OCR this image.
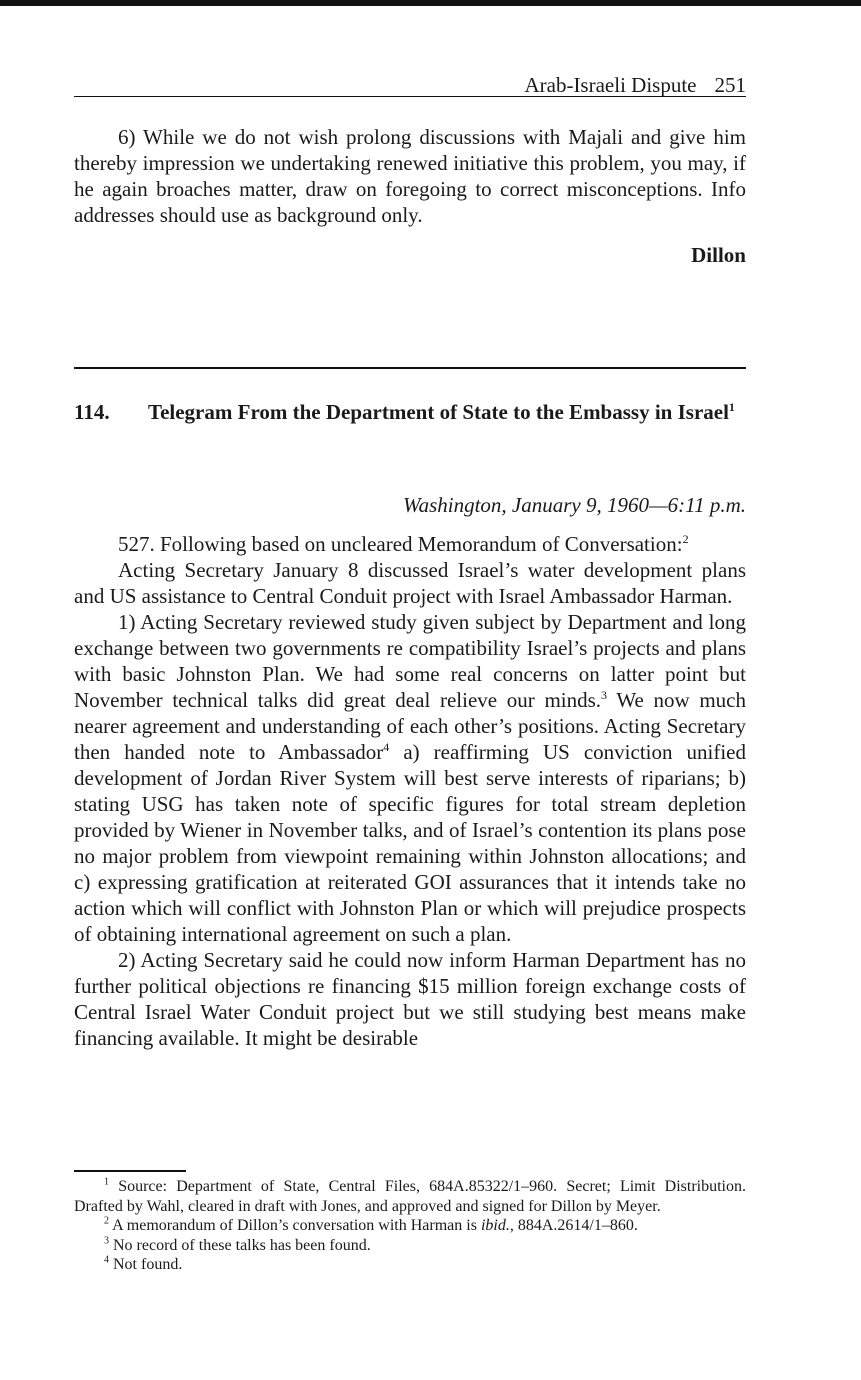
Arab-Israeli Dispute 251

6) While we do not wish prolong discussions with Majali and give him thereby impression we undertaking renewed initiative this problem, you may, if he again broaches matter, draw on foregoing to correct misconceptions. Info addresses should use as background only.

Dillon
114. Telegram From the Department of State to the Embassy in Israel$^1$
Washington, January 9, 1960—6:11 p.m.

527. Following based on uncleared Memorandum of Conversation:$^2$

Acting Secretary January 8 discussed Israel’s water development plans and US assistance to Central Conduit project with Israel Ambassador Harman.

1) Acting Secretary reviewed study given subject by Department and long exchange between two governments re compatibility Israel’s projects and plans with basic Johnston Plan. We had some real concerns on latter point but November technical talks did great deal relieve our minds.$^3$ We now much nearer agreement and understanding of each other’s positions. Acting Secretary then handed note to Ambassador$^4$ a) reaffirming US conviction unified development of Jordan River System will best serve interests of riparians; b) stating USG has taken note of specific figures for total stream depletion provided by Wiener in November talks, and of Israel’s contention its plans pose no major problem from viewpoint remaining within Johnston allocations; and c) expressing gratification at reiterated GOI assurances that it intends take no action which will conflict with Johnston Plan or which will prejudice prospects of obtaining international agreement on such a plan.

2) Acting Secretary said he could now inform Harman Department has no further political objections re financing $15 million foreign exchange costs of Central Israel Water Conduit project but we still studying best means make financing available. It might be desirable

$^1$ Source: Department of State, Central Files, 684A.85322/1–960. Secret; Limit Distribution. Drafted by Wahl, cleared in draft with Jones, and approved and signed for Dillon by Meyer.

$^2$ A memorandum of Dillon’s conversation with Harman is ibid., 884A.2614/1–860.

$^3$ No record of these talks has been found.

$^4$ Not found.
